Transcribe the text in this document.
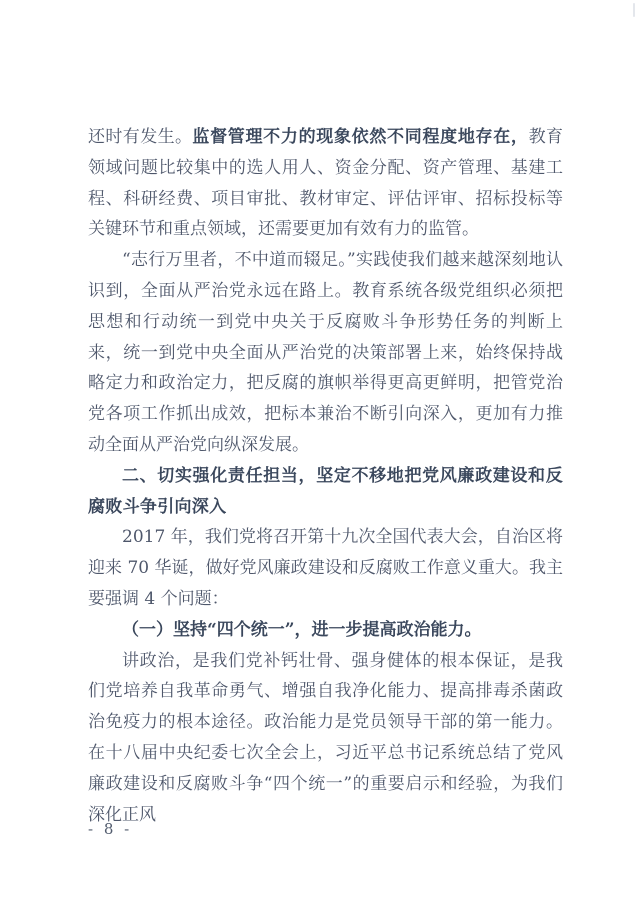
还时有发生。监督管理不力的现象依然不同程度地存在，教育领域问题比较集中的选人用人、资金分配、资产管理、基建工程、科研经费、项目审批、教材审定、评估评审、招标投标等关键环节和重点领域，还需要更加有效有力的监管。

“志行万里者，不中道而辍足。”实践使我们越来越深刻地认识到，全面从严治党永远在路上。教育系统各级党组织必须把思想和行动统一到党中央关于反腐败斗争形势任务的判断上来，统一到党中央全面从严治党的决策部署上来，始终保持战略定力和政治定力，把反腐的旗帜举得更高更鲜明，把管党治党各项工作抓出成效，把标本兼治不断引向深入，更加有力推动全面从严治党向纵深发展。

二、切实强化责任担当，坚定不移地把党风廉政建设和反腐败斗争引向深入

2017 年，我们党将召开第十九次全国代表大会，自治区将迎来 70 华诞，做好党风廉政建设和反腐败工作意义重大。我主要强调 4 个问题：

（一）坚持“四个统一”，进一步提高政治能力。

讲政治，是我们党补钙壮骨、强身健体的根本保证，是我们党培养自我革命勇气、增强自我净化能力、提高排毒杀菌政治免疫力的根本途径。政治能力是党员领导干部的第一能力。在十八届中央纪委七次全会上，习近平总书记系统总结了党风廉政建设和反腐败斗争“四个统一”的重要启示和经验，为我们深化正风

- 8 -
